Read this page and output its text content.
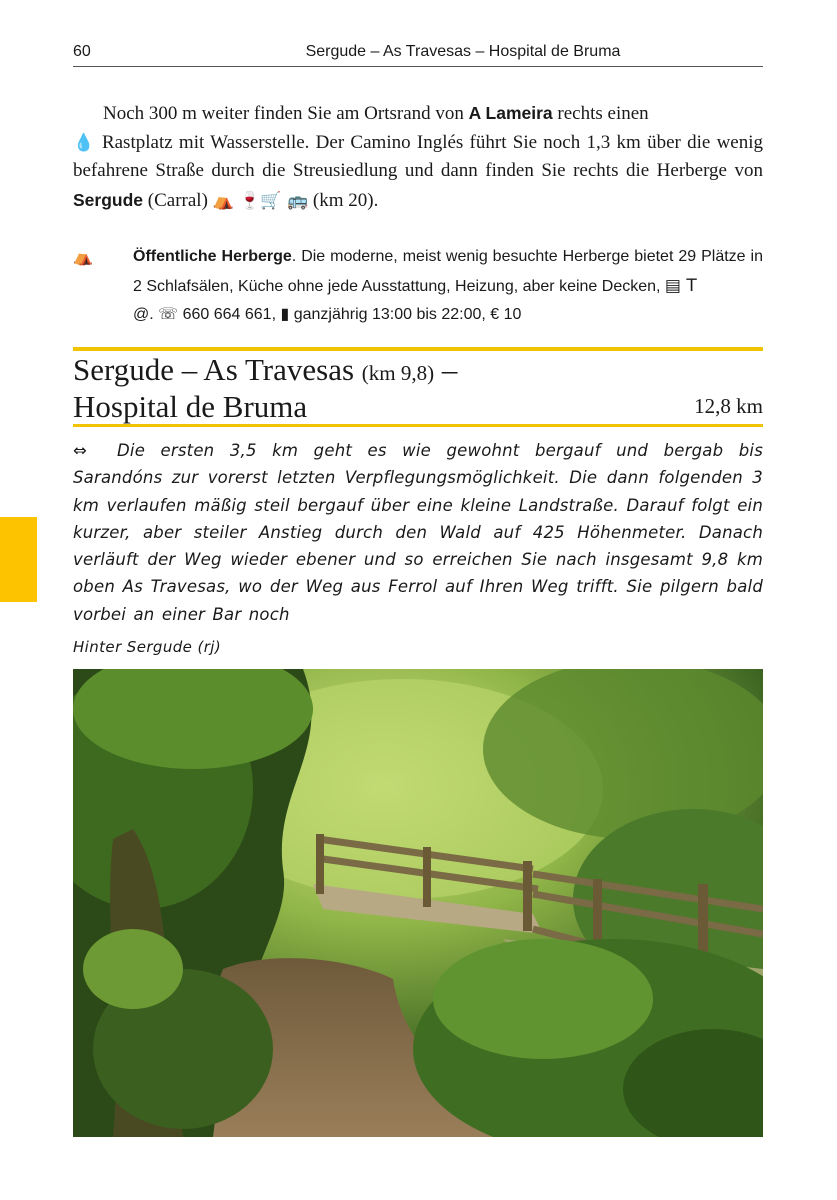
60	Sergude – As Travesas – Hospital de Bruma

Noch 300 m weiter finden Sie am Ortsrand von A Lameira rechts einen
💧 Rastplatz mit Wasserstelle. Der Camino Inglés führt Sie noch 1,3 km über die wenig befahrene Straße durch die Streusiedlung und dann finden Sie rechts die Herberge von Sergude (Carral) ⛺ 🍷🛒 🚌 (km 20).

⛺	Öffentliche Herberge. Die moderne, meist wenig besuchte Herberge bietet 29 Plätze in 2 Schlafsälen, Küche ohne jede Ausstattung, Heizung, aber keine Decken, ▤ T
@. ☏ 660 664 661, ▮ ganzjährig 13:00 bis 22:00, € 10
Sergude – As Travesas (km 9,8) –
Hospital de Bruma	12,8 km

⇔ Die ersten 3,5 km geht es wie gewohnt bergauf und bergab bis Sarandóns zur vorerst letzten Verpflegungsmöglichkeit. Die dann folgenden 3 km verlaufen mäßig steil bergauf über eine kleine Landstraße. Darauf folgt ein kurzer, aber steiler Anstieg durch den Wald auf 425 Höhenmeter. Danach verläuft der Weg wieder ebener und so erreichen Sie nach insgesamt 9,8 km oben As Travesas, wo der Weg aus Ferrol auf Ihren Weg trifft. Sie pilgern bald vorbei an einer Bar noch

Hinter Sergude (rj)
